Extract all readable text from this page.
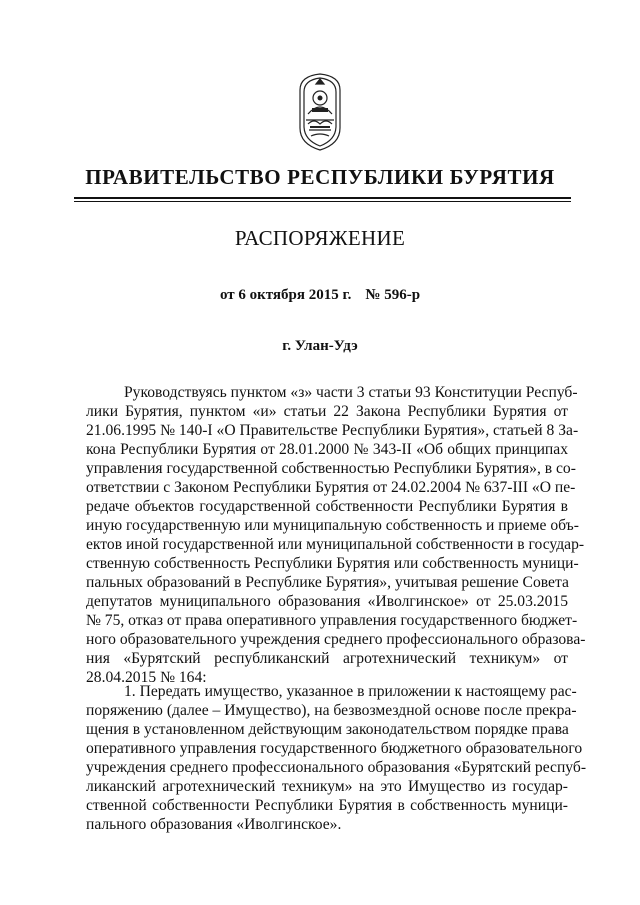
ПРАВИТЕЛЬСТВО РЕСПУБЛИКИ БУРЯТИЯ
РАСПОРЯЖЕНИЕ
от 6 октября 2015 г. № 596-р
г. Улан-Удэ
Руководствуясь пунктом «з» части 3 статьи 93 Конституции Респуб-
лики Бурятия, пунктом «и» статьи 22 Закона Республики Бурятия от
21.06.1995 № 140-I «О Правительстве Республики Бурятия», статьей 8 За-
кона Республики Бурятия от 28.01.2000 № 343-II «Об общих принципах
управления государственной собственностью Республики Бурятия», в со-
ответствии с Законом Республики Бурятия от 24.02.2004 № 637-III «О пе-
редаче объектов государственной собственности Республики Бурятия в
иную государственную или муниципальную собственность и приеме объ-
ектов иной государственной или муниципальной собственности в государ-
ственную собственность Республики Бурятия или собственность муници-
пальных образований в Республике Бурятия», учитывая решение Совета
депутатов муниципального образования «Иволгинское» от 25.03.2015
№ 75, отказ от права оперативного управления государственного бюджет-
ного образовательного учреждения среднего профессионального образова-
ния «Бурятский республиканский агротехнический техникум» от
28.04.2015 № 164:
1. Передать имущество, указанное в приложении к настоящему рас-
поряжению (далее – Имущество), на безвозмездной основе после прекра-
щения в установленном действующим законодательством порядке права
оперативного управления государственного бюджетного образовательного
учреждения среднего профессионального образования «Бурятский респуб-
ликанский агротехнический техникум» на это Имущество из государ-
ственной собственности Республики Бурятия в собственность муници-
пального образования «Иволгинское».
